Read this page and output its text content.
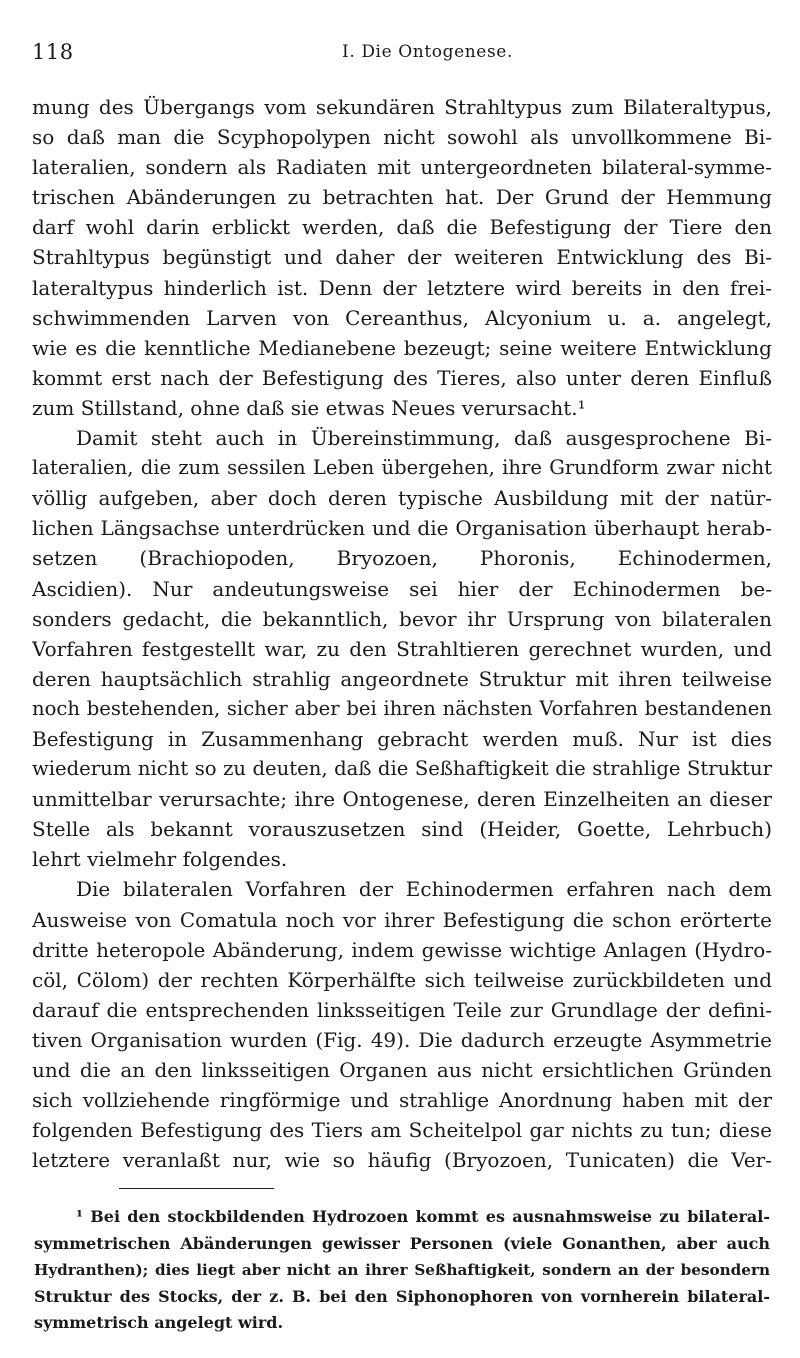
118	I. Die Ontogenese.
mung des Übergangs vom sekundären Strahltypus zum Bilateraltypus,
so daß man die Scyphopolypen nicht sowohl als unvollkommene Bi-
lateralien, sondern als Radiaten mit untergeordneten bilateral-symme-
trischen Abänderungen zu betrachten hat. Der Grund der Hemmung
darf wohl darin erblickt werden, daß die Befestigung der Tiere den
Strahltypus begünstigt und daher der weiteren Entwicklung des Bi-
lateraltypus hinderlich ist. Denn der letztere wird bereits in den frei-
schwimmenden Larven von Cereanthus, Alcyonium u. a. angelegt,
wie es die kenntliche Medianebene bezeugt; seine weitere Entwicklung
kommt erst nach der Befestigung des Tieres, also unter deren Einfluß
zum Stillstand, ohne daß sie etwas Neues verursacht.¹
Damit steht auch in Übereinstimmung, daß ausgesprochene Bi-
lateralien, die zum sessilen Leben übergehen, ihre Grundform zwar nicht
völlig aufgeben, aber doch deren typische Ausbildung mit der natür-
lichen Längsachse unterdrücken und die Organisation überhaupt herab-
setzen (Brachiopoden, Bryozoen, Phoronis, Echinodermen,
Ascidien). Nur andeutungsweise sei hier der Echinodermen be-
sonders gedacht, die bekanntlich, bevor ihr Ursprung von bilateralen
Vorfahren festgestellt war, zu den Strahltieren gerechnet wurden, und
deren hauptsächlich strahlig angeordnete Struktur mit ihren teilweise
noch bestehenden, sicher aber bei ihren nächsten Vorfahren bestandenen
Befestigung in Zusammenhang gebracht werden muß. Nur ist dies
wiederum nicht so zu deuten, daß die Seßhaftigkeit die strahlige Struktur
unmittelbar verursachte; ihre Ontogenese, deren Einzelheiten an dieser
Stelle als bekannt vorauszusetzen sind (Heider, Goette, Lehrbuch)
lehrt vielmehr folgendes.
Die bilateralen Vorfahren der Echinodermen erfahren nach dem
Ausweise von Comatula noch vor ihrer Befestigung die schon erörterte
dritte heteropole Abänderung, indem gewisse wichtige Anlagen (Hydro-
cöl, Cölom) der rechten Körperhälfte sich teilweise zurückbildeten und
darauf die entsprechenden linksseitigen Teile zur Grundlage der defini-
tiven Organisation wurden (Fig. 49). Die dadurch erzeugte Asymmetrie
und die an den linksseitigen Organen aus nicht ersichtlichen Gründen
sich vollziehende ringförmige und strahlige Anordnung haben mit der
folgenden Befestigung des Tiers am Scheitelpol gar nichts zu tun; diese
letztere veranlaßt nur, wie so häufig (Bryozoen, Tunicaten) die Ver-
¹ Bei den stockbildenden Hydrozoen kommt es ausnahmsweise zu bilateral-
symmetrischen Abänderungen gewisser Personen (viele Gonanthen, aber auch
Hydranthen); dies liegt aber nicht an ihrer Seßhaftigkeit, sondern an der besondern
Struktur des Stocks, der z. B. bei den Siphonophoren von vornherein bilateral-
symmetrisch angelegt wird.
